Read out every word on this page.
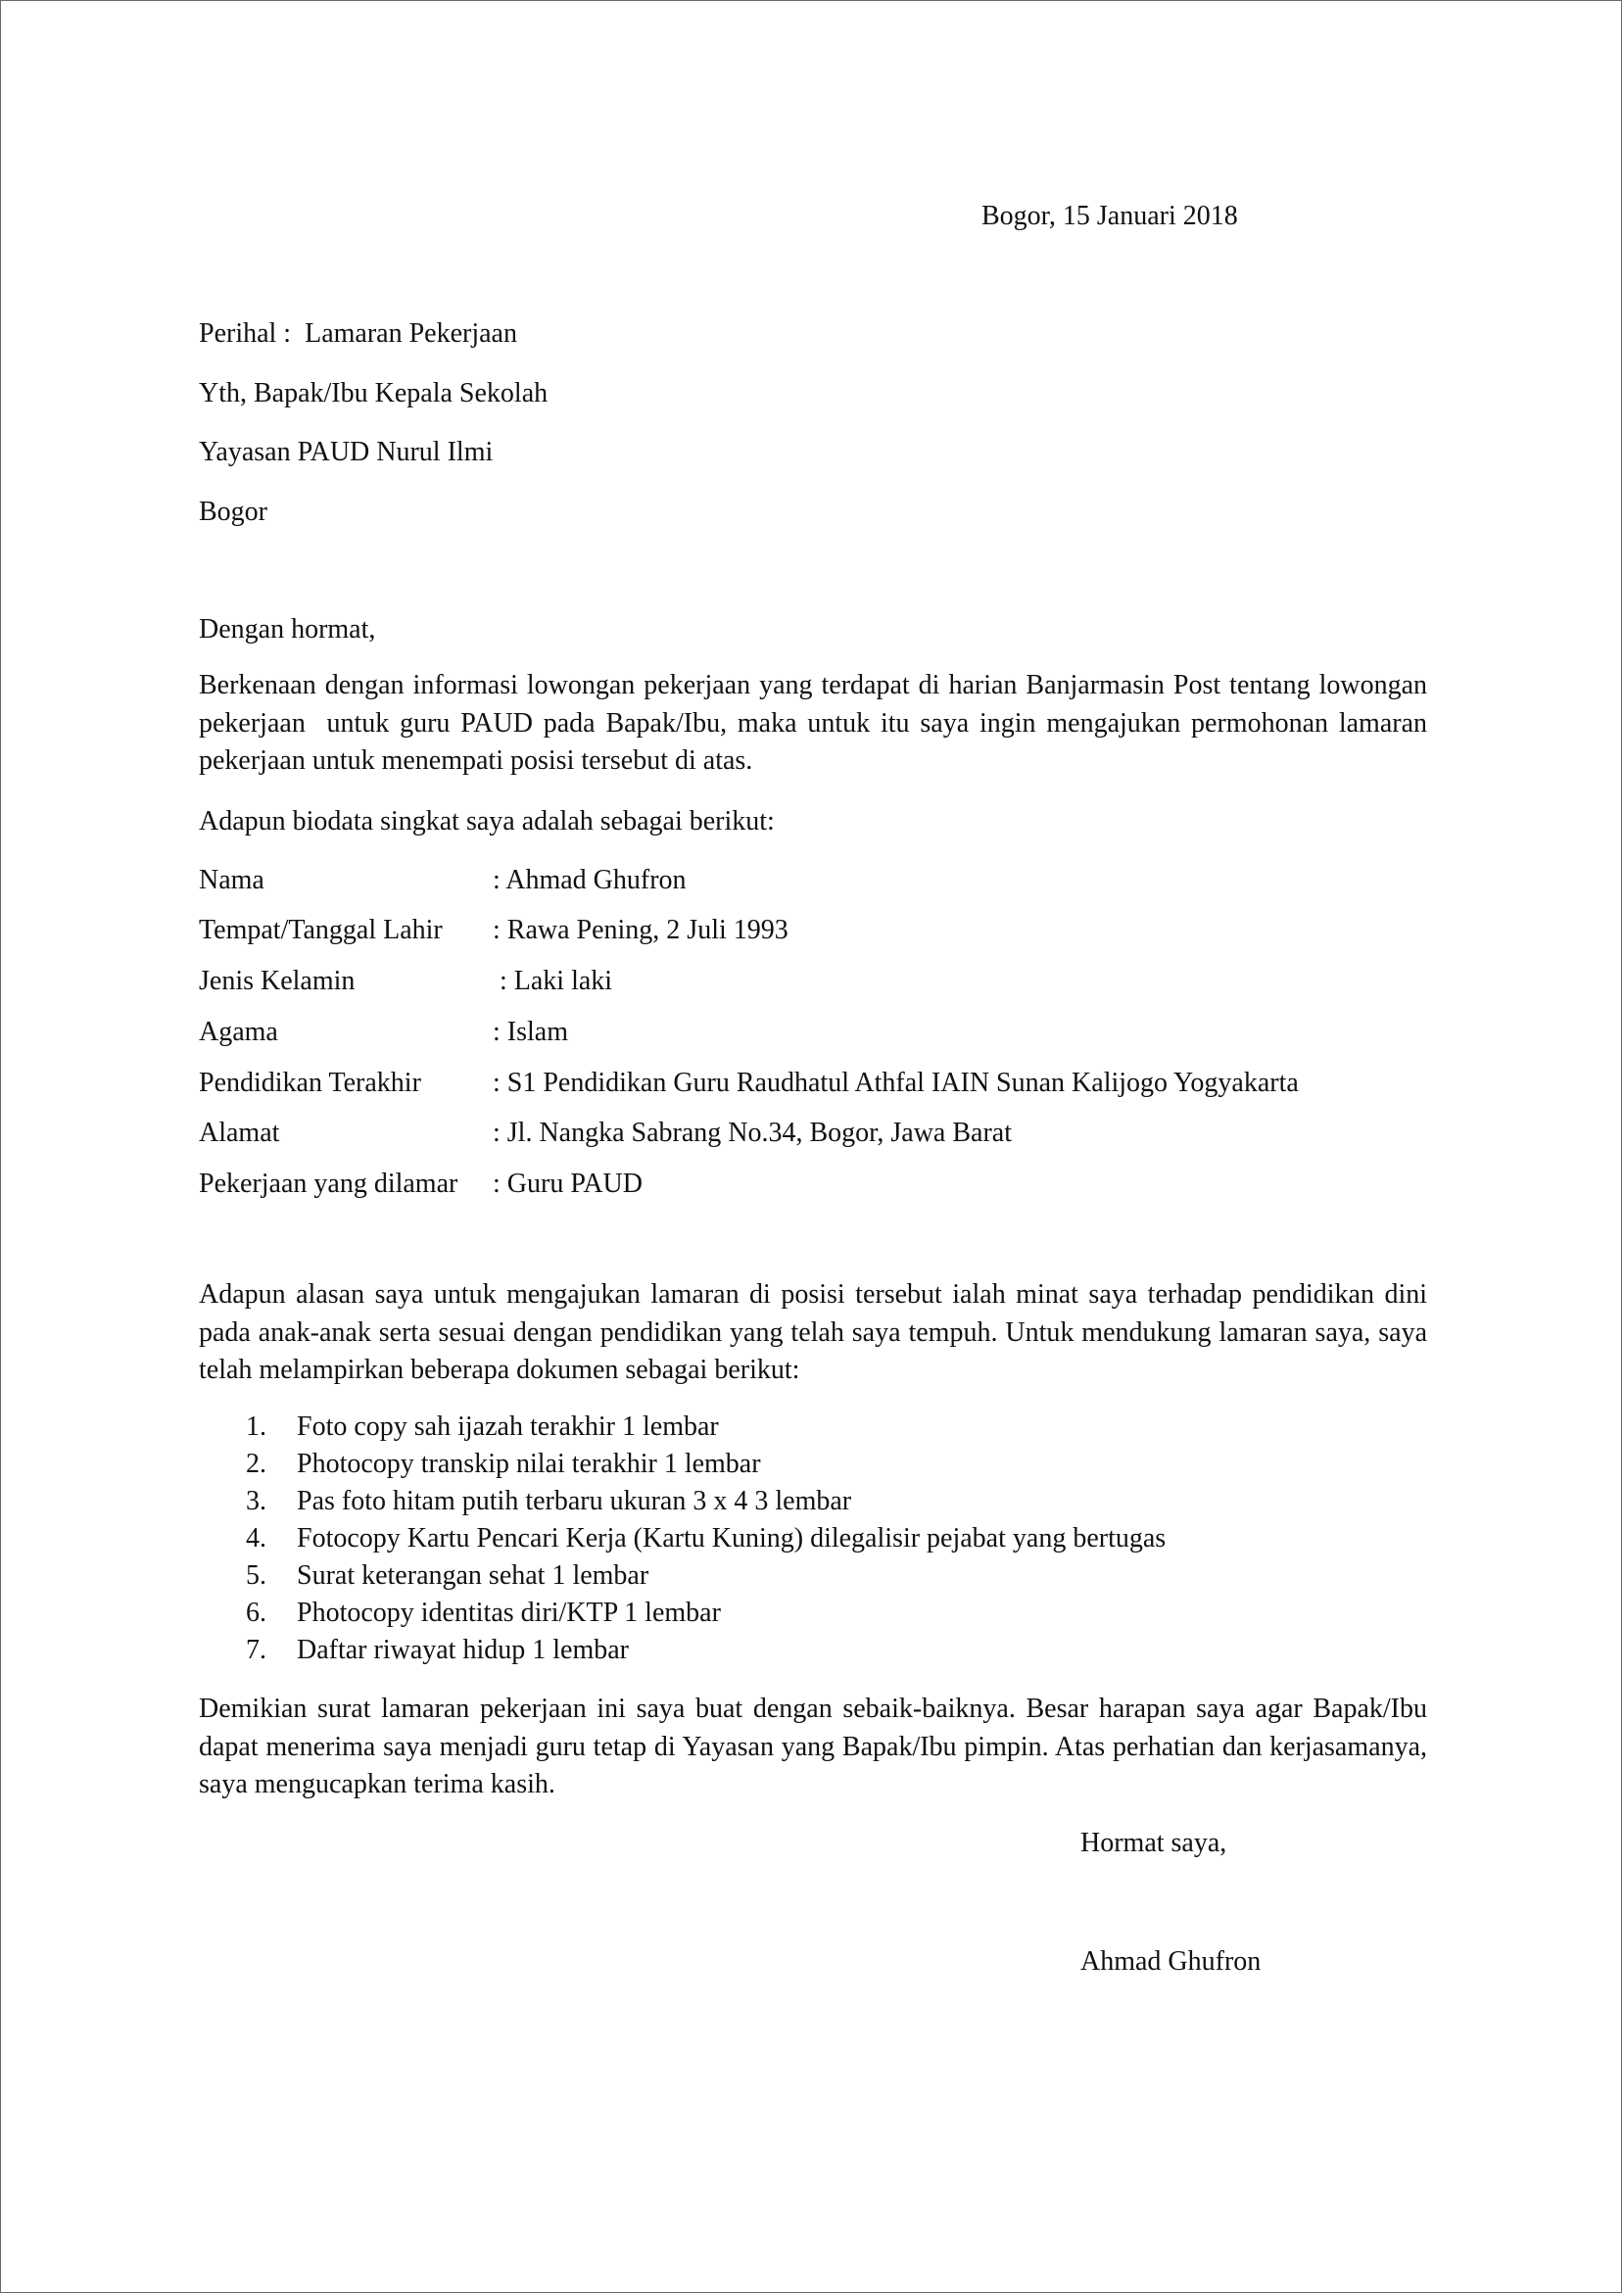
Bogor, 15 Januari 2018
Perihal :  Lamaran Pekerjaan
Yth, Bapak/Ibu Kepala Sekolah
Yayasan PAUD Nurul Ilmi
Bogor
Dengan hormat,
Berkenaan dengan informasi lowongan pekerjaan yang terdapat di harian Banjarmasin Post tentang lowongan pekerjaan  untuk guru PAUD pada Bapak/Ibu, maka untuk itu saya ingin mengajukan permohonan lamaran pekerjaan untuk menempati posisi tersebut di atas.
Adapun biodata singkat saya adalah sebagai berikut:
Nama	: Ahmad Ghufron
Tempat/Tanggal Lahir : Rawa Pening, 2 Juli 1993
Jenis Kelamin	: Laki laki
Agama	: Islam
Pendidikan Terakhir	: S1 Pendidikan Guru Raudhatul Athfal IAIN Sunan Kalijogo Yogyakarta
Alamat	: Jl. Nangka Sabrang No.34, Bogor, Jawa Barat
Pekerjaan yang dilamar : Guru PAUD
Adapun alasan saya untuk mengajukan lamaran di posisi tersebut ialah minat saya terhadap pendidikan dini pada anak-anak serta sesuai dengan pendidikan yang telah saya tempuh. Untuk mendukung lamaran saya, saya telah melampirkan beberapa dokumen sebagai berikut:
1. Foto copy sah ijazah terakhir 1 lembar
2. Photocopy transkip nilai terakhir 1 lembar
3. Pas foto hitam putih terbaru ukuran 3 x 4 3 lembar
4. Fotocopy Kartu Pencari Kerja (Kartu Kuning) dilegalisir pejabat yang bertugas
5. Surat keterangan sehat 1 lembar
6. Photocopy identitas diri/KTP 1 lembar
7. Daftar riwayat hidup 1 lembar
Demikian surat lamaran pekerjaan ini saya buat dengan sebaik-baiknya. Besar harapan saya agar Bapak/Ibu dapat menerima saya menjadi guru tetap di Yayasan yang Bapak/Ibu pimpin. Atas perhatian dan kerjasamanya, saya mengucapkan terima kasih.
Hormat saya,
Ahmad Ghufron
